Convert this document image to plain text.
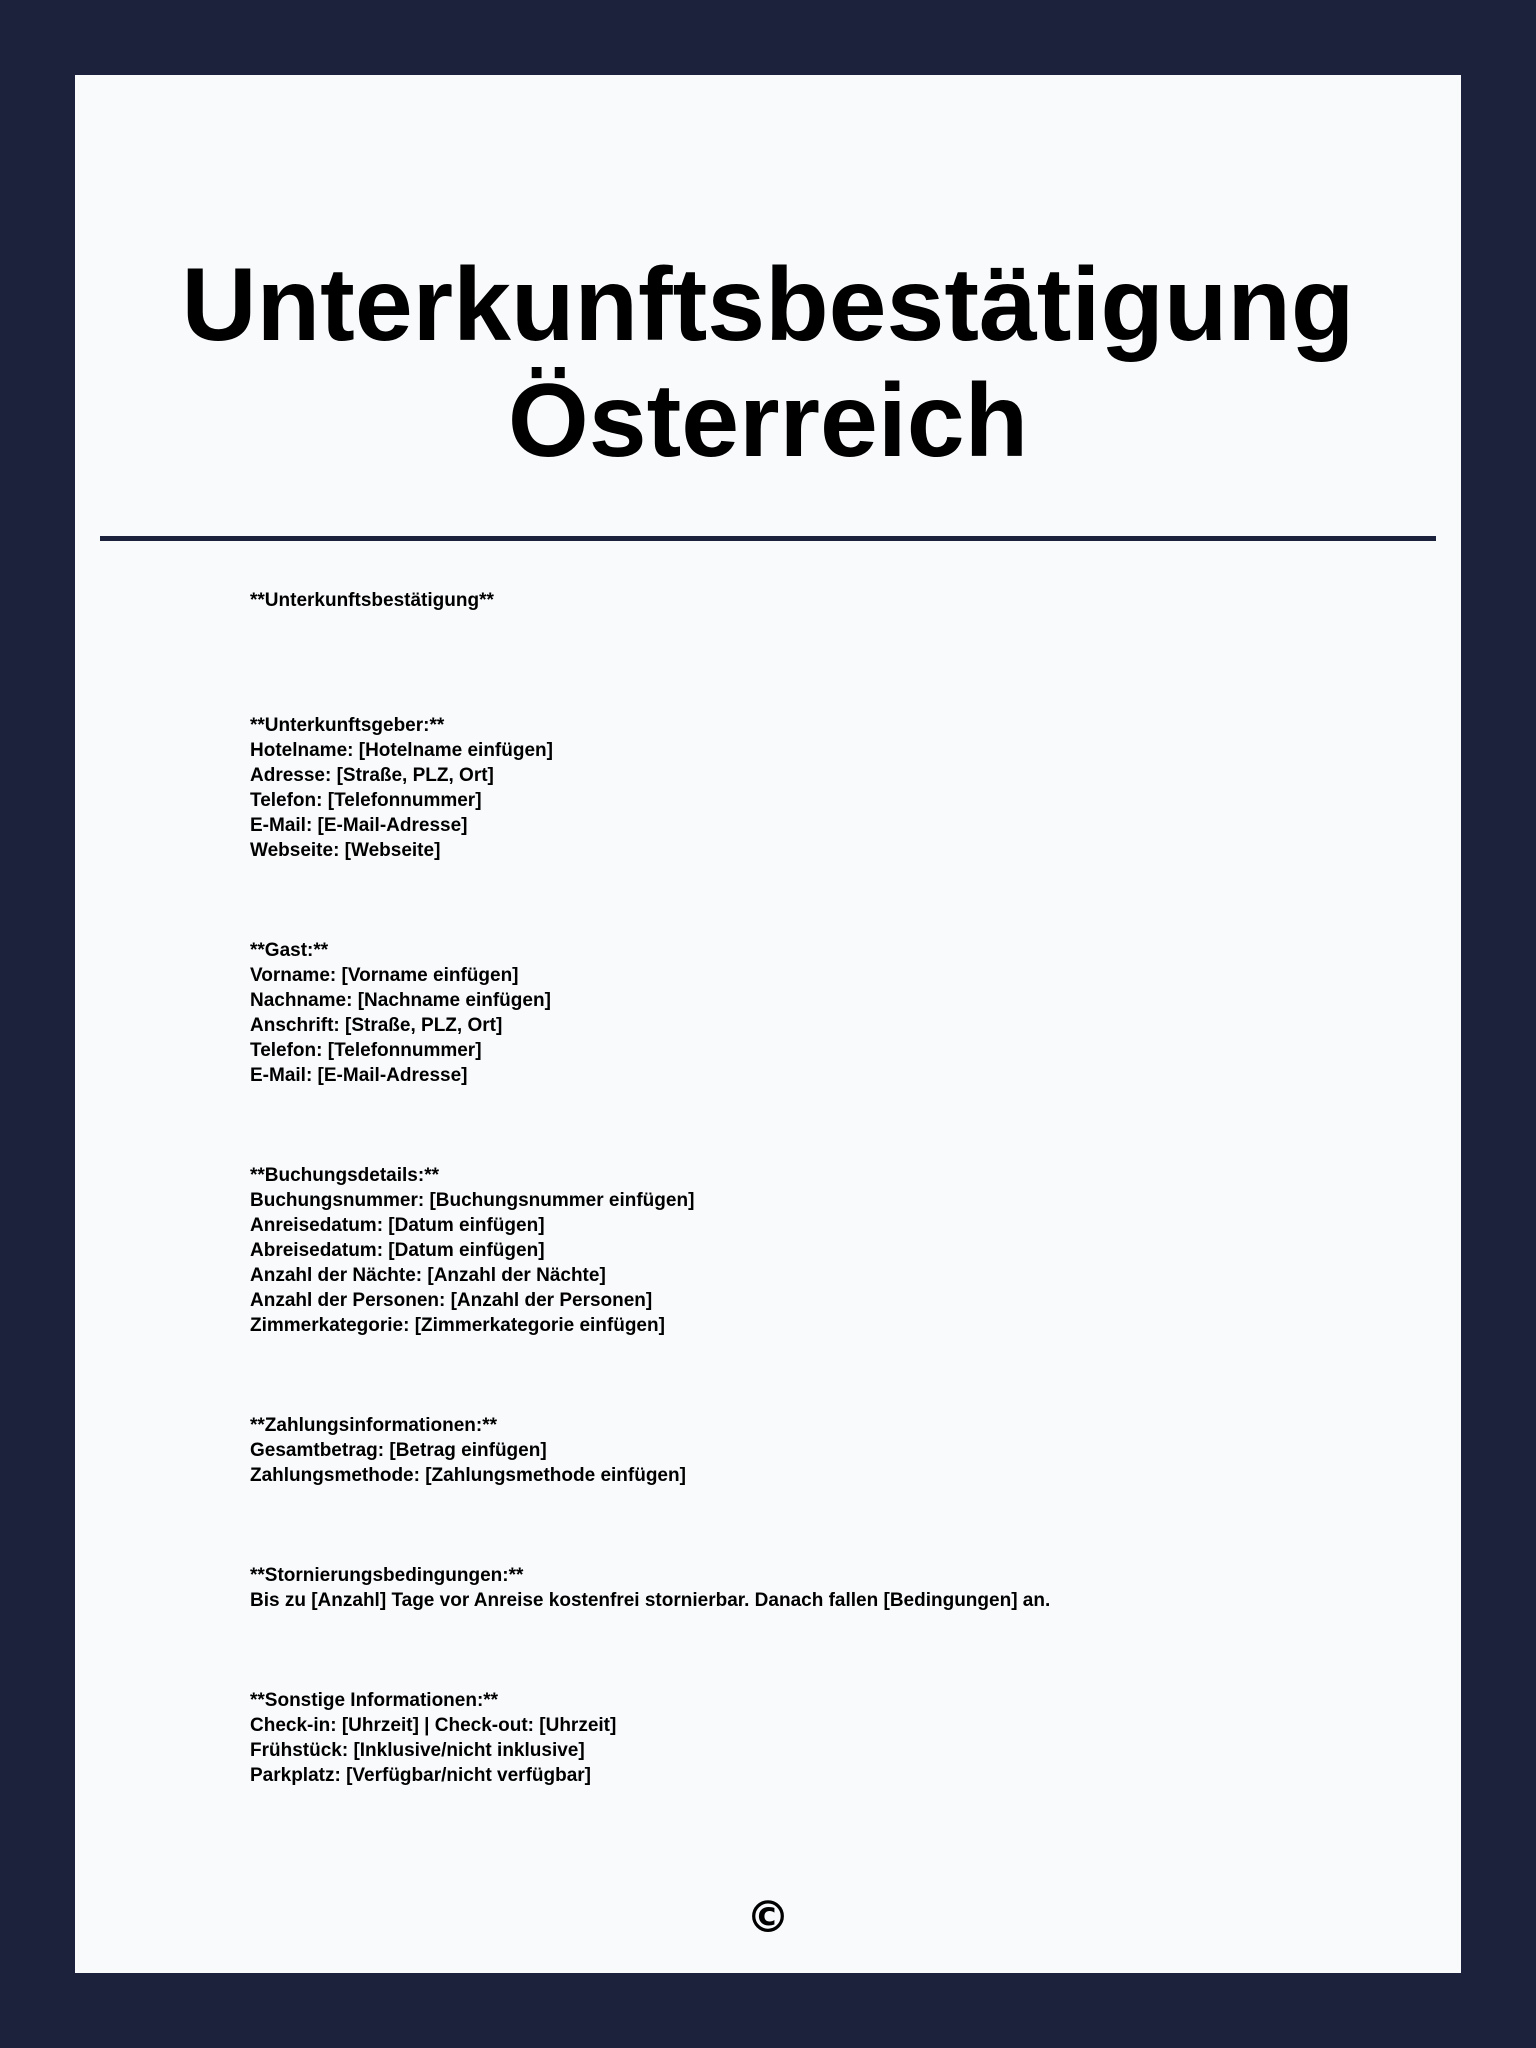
Unterkunftsbestätigung Österreich
**Unterkunftsbestätigung**
**Unterkunftsgeber:**
Hotelname: [Hotelname einfügen]
Adresse: [Straße, PLZ, Ort]
Telefon: [Telefonnummer]
E-Mail: [E-Mail-Adresse]
Webseite: [Webseite]
**Gast:**
Vorname: [Vorname einfügen]
Nachname: [Nachname einfügen]
Anschrift: [Straße, PLZ, Ort]
Telefon: [Telefonnummer]
E-Mail: [E-Mail-Adresse]
**Buchungsdetails:**
Buchungsnummer: [Buchungsnummer einfügen]
Anreisedatum: [Datum einfügen]
Abreisedatum: [Datum einfügen]
Anzahl der Nächte: [Anzahl der Nächte]
Anzahl der Personen: [Anzahl der Personen]
Zimmerkategorie: [Zimmerkategorie einfügen]
**Zahlungsinformationen:**
Gesamtbetrag: [Betrag einfügen]
Zahlungsmethode: [Zahlungsmethode einfügen]
**Stornierungsbedingungen:**
Bis zu [Anzahl] Tage vor Anreise kostenfrei stornierbar. Danach fallen [Bedingungen] an.
**Sonstige Informationen:**
Check-in: [Uhrzeit] | Check-out: [Uhrzeit]
Frühstück: [Inklusive/nicht inklusive]
Parkplatz: [Verfügbar/nicht verfügbar]
©
